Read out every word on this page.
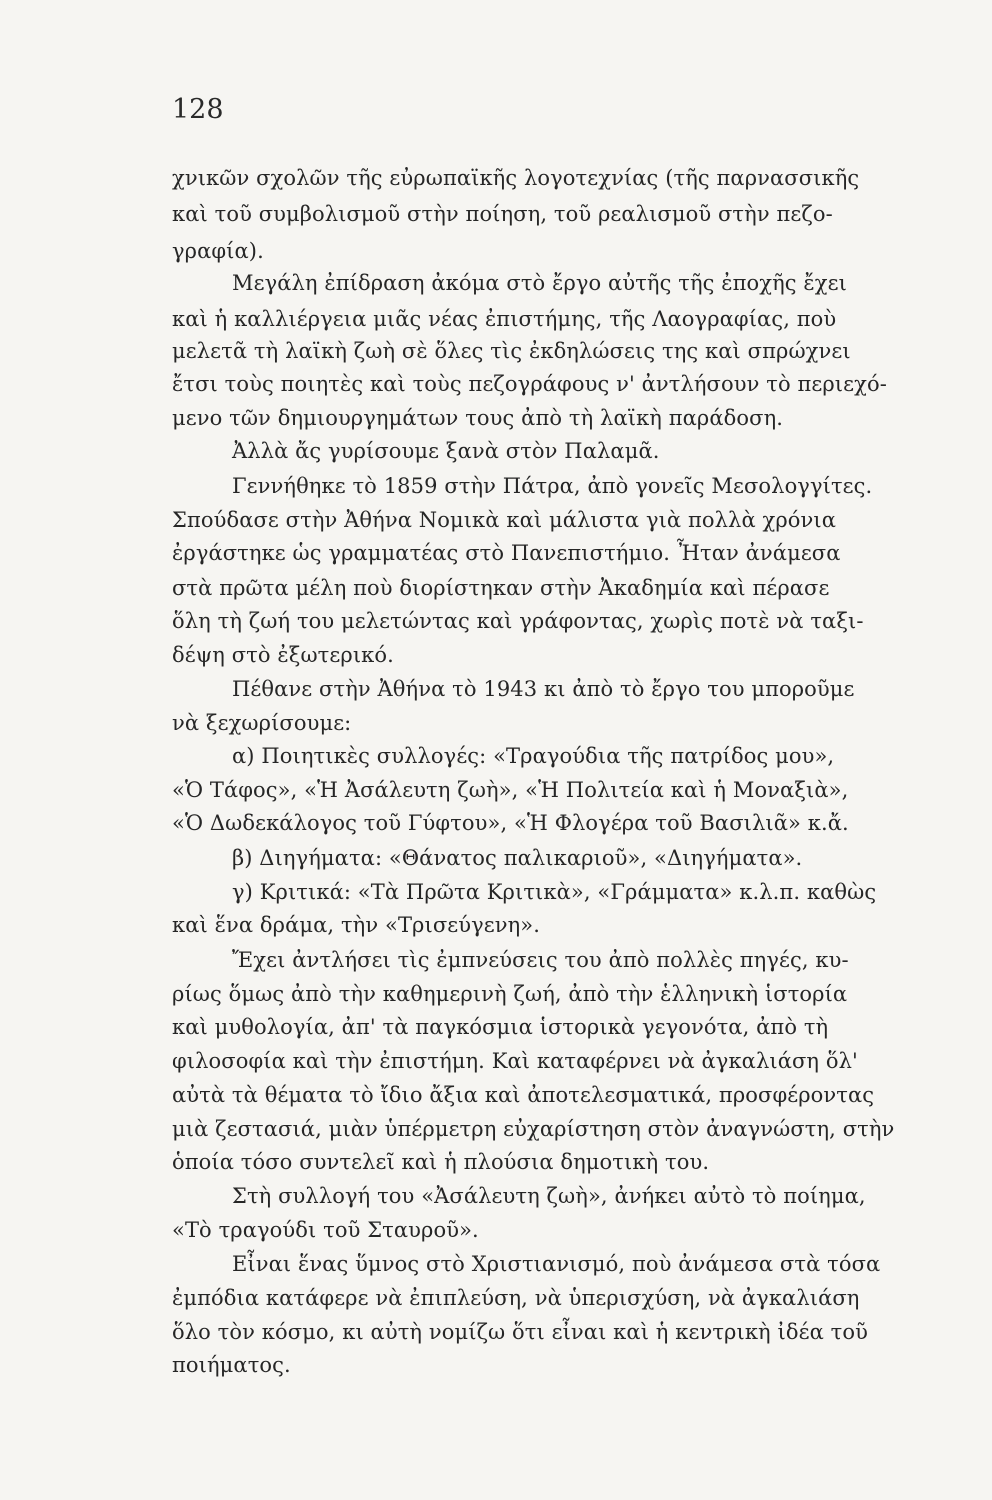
128
χνικῶν σχολῶν τῆς εὐρωπαϊκῆς λογοτεχνίας (τῆς παρνασσικῆς
καὶ τοῦ συμβολισμοῦ στὴν ποίηση, τοῦ ρεαλισμοῦ στὴν πεζο-
γραφία).
Μεγάλη ἐπίδραση ἀκόμα στὸ ἔργο αὐτῆς τῆς ἐποχῆς ἔχει
καὶ ἡ καλλιέργεια μιᾶς νέας ἐπιστήμης, τῆς Λαογραφίας, ποὺ
μελετᾶ τὴ λαϊκὴ ζωὴ σὲ ὅλες τὶς ἐκδηλώσεις της καὶ σπρώχνει
ἔτσι τοὺς ποιητὲς καὶ τοὺς πεζογράφους ν' ἀντλήσουν τὸ περιεχό-
μενο τῶν δημιουργημάτων τους ἀπὸ τὴ λαϊκὴ παράδοση.
Ἀλλὰ ἄς γυρίσουμε ξανὰ στὸν Παλαμᾶ.
Γεννήθηκε τὸ 1859 στὴν Πάτρα, ἀπὸ γονεῖς Μεσολογγίτες.
Σπούδασε στὴν Ἀθήνα Νομικὰ καὶ μάλιστα γιὰ πολλὰ χρόνια
ἐργάστηκε ὡς γραμματέας στὸ Πανεπιστήμιο. Ἦταν ἀνάμεσα
στὰ πρῶτα μέλη ποὺ διορίστηκαν στὴν Ἀκαδημία καὶ πέρασε
ὅλη τὴ ζωή του μελετώντας καὶ γράφοντας, χωρὶς ποτὲ νὰ ταξι-
δέψη στὸ ἐξωτερικό.
Πέθανε στὴν Ἀθήνα τὸ 1943 κι ἀπὸ τὸ ἔργο του μποροῦμε
νὰ ξεχωρίσουμε:
α) Ποιητικὲς συλλογές: «Τραγούδια τῆς πατρίδος μου»,
«Ὁ Τάφος», «Ἡ Ἀσάλευτη ζωὴ», «Ἡ Πολιτεία καὶ ἡ Μοναξιὰ»,
«Ὁ Δωδεκάλογος τοῦ Γύφτου», «Ἡ Φλογέρα τοῦ Βασιλιᾶ» κ.ἄ.
β) Διηγήματα: «Θάνατος παλικαριοῦ», «Διηγήματα».
γ) Κριτικά: «Τὰ Πρῶτα Κριτικὰ», «Γράμματα» κ.λ.π. καθὼς
καὶ ἕνα δράμα, τὴν «Τρισεύγενη».
Ἔχει ἀντλήσει τὶς ἐμπνεύσεις του ἀπὸ πολλὲς πηγές, κυ-
ρίως ὅμως ἀπὸ τὴν καθημερινὴ ζωή, ἀπὸ τὴν ἑλληνικὴ ἱστορία
καὶ μυθολογία, ἀπ' τὰ παγκόσμια ἱστορικὰ γεγονότα, ἀπὸ τὴ
φιλοσοφία καὶ τὴν ἐπιστήμη. Καὶ καταφέρνει νὰ ἀγκαλιάση ὅλ'
αὐτὰ τὰ θέματα τὸ ἴδιο ἄξια καὶ ἀποτελεσματικά, προσφέροντας
μιὰ ζεστασιά, μιὰν ὑπέρμετρη εὐχαρίστηση στὸν ἀναγνώστη, στὴν
ὁποία τόσο συντελεῖ καὶ ἡ πλούσια δημοτικὴ του.
Στὴ συλλογή του «Ἀσάλευτη ζωὴ», ἀνήκει αὐτὸ τὸ ποίημα,
«Τὸ τραγούδι τοῦ Σταυροῦ».
Εἶναι ἕνας ὕμνος στὸ Χριστιανισμό, ποὺ ἀνάμεσα στὰ τόσα
ἐμπόδια κατάφερε νὰ ἐπιπλεύση, νὰ ὑπερισχύση, νὰ ἀγκαλιάση
ὅλο τὸν κόσμο, κι αὐτὴ νομίζω ὅτι εἶναι καὶ ἡ κεντρικὴ ἰδέα τοῦ
ποιήματος.
